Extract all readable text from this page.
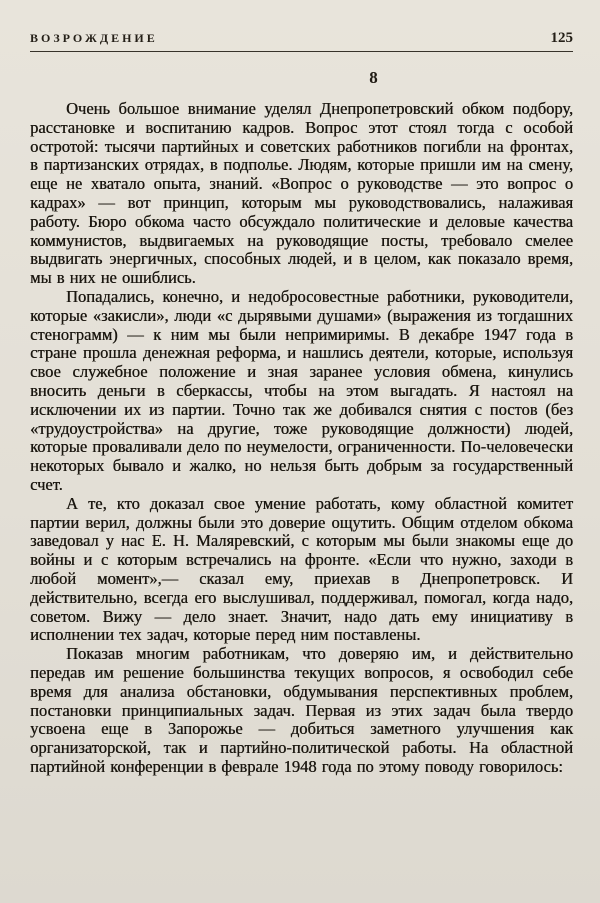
ВОЗРОЖДЕНИЕ	125
8

Очень большое внимание уделял Днепропетровский обком подбору, расстановке и воспитанию кадров. Вопрос этот стоял тогда с особой остротой: тысячи партийных и советских работников погибли на фронтах, в партизанских отрядах, в подполье. Людям, которые пришли им на смену, еще не хватало опыта, знаний. «Вопрос о руководстве — это вопрос о кадрах» — вот принцип, которым мы руководствовались, налаживая работу. Бюро обкома часто обсуждало политические и деловые качества коммунистов, выдвигаемых на руководящие посты, требовало смелее выдвигать энергичных, способных людей, и в целом, как показало время, мы в них не ошиблись.

Попадались, конечно, и недобросовестные работники, руководители, которые «закисли», люди «с дырявыми душами» (выражения из тогдашних стенограмм) — к ним мы были непримиримы. В декабре 1947 года в стране прошла денежная реформа, и нашлись деятели, которые, используя свое служебное положение и зная заранее условия обмена, кинулись вносить деньги в сберкассы, чтобы на этом выгадать. Я настоял на исключении их из партии. Точно так же добивался снятия с постов (без «трудоустройства» на другие, тоже руководящие должности) людей, которые проваливали дело по неумелости, ограниченности. По-человечески некоторых бывало и жалко, но нельзя быть добрым за государственный счет.

А те, кто доказал свое умение работать, кому областной комитет партии верил, должны были это доверие ощутить. Общим отделом обкома заведовал у нас Е. Н. Маляревский, с которым мы были знакомы еще до войны и с которым встречались на фронте. «Если что нужно, заходи в любой момент»,— сказал ему, приехав в Днепропетровск. И действительно, всегда его выслушивал, поддерживал, помогал, когда надо, советом. Вижу — дело знает. Значит, надо дать ему инициативу в исполнении тех задач, которые перед ним поставлены.

Показав многим работникам, что доверяю им, и действительно передав им решение большинства текущих вопросов, я освободил себе время для анализа обстановки, обдумывания перспективных проблем, постановки принципиальных задач. Первая из этих задач была твердо усвоена еще в Запорожье — добиться заметного улучшения как организаторской, так и партийно-политической работы. На областной партийной конференции в феврале 1948 года по этому поводу говорилось:
